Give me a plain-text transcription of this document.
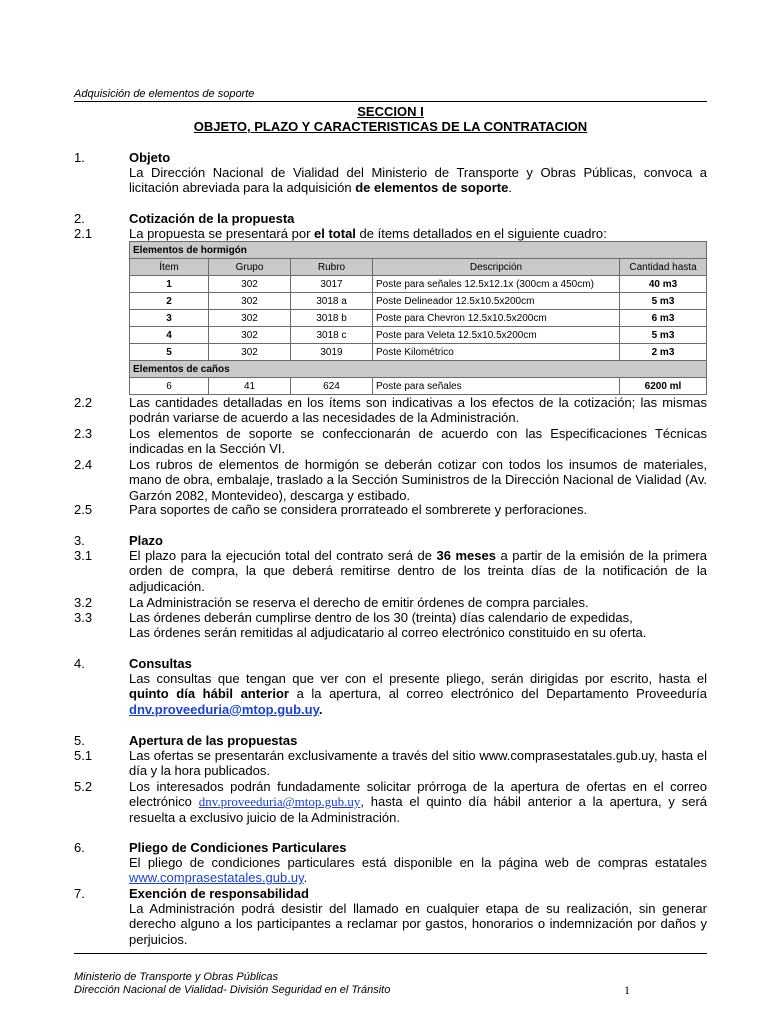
Adquisición de elementos de soporte
SECCION I
OBJETO, PLAZO Y CARACTERISTICAS DE LA CONTRATACION
1.	Objeto
La Dirección Nacional de Vialidad del Ministerio de Transporte y Obras Públicas, convoca a licitación abreviada para la adquisición de elementos de soporte.
2.	Cotización de la propuesta
2.1	La propuesta se presentará por el total de ítems detallados en el siguiente cuadro:
Elementos de hormigón				
Ítem	Grupo	Rubro	Descripción	Cantidad hasta
1	302	3017	Poste para señales 12.5x12.1x (300cm a 450cm)	40 m3
2	302	3018 a	Poste Delineador 12.5x10.5x200cm	5 m3
3	302	3018 b	Poste para Chevron 12.5x10.5x200cm	6 m3
4	302	3018 c	Poste para Veleta 12.5x10.5x200cm	5 m3
5	302	3019	Poste Kilométrico	2 m3
Elementos de caños				
6	41	624	Poste para señales	6200 ml
2.2	Las cantidades detalladas en los ítems son indicativas a los efectos de la cotización; las mismas podrán variarse de acuerdo a las necesidades de la Administración.
2.3	Los elementos de soporte se confeccionarán de acuerdo con las Especificaciones Técnicas indicadas en la Sección VI.
2.4	Los rubros de elementos de hormigón se deberán cotizar con todos los insumos de materiales, mano de obra, embalaje, traslado a la Sección Suministros de la Dirección Nacional de Vialidad (Av. Garzón 2082, Montevideo), descarga y estibado.
2.5	Para soportes de caño se considera prorrateado el sombrerete y perforaciones.
3.	Plazo
3.1	El plazo para la ejecución total del contrato será de 36 meses a partir de la emisión de la primera orden de compra, la que deberá remitirse dentro de los treinta días de la notificación de la adjudicación.
3.2	La Administración se reserva el derecho de emitir órdenes de compra parciales.
3.3	Las órdenes deberán cumplirse dentro de los 30 (treinta) días calendario de expedidas,
Las órdenes serán remitidas al adjudicatario al correo electrónico constituido en su oferta.
4.	Consultas
Las consultas que tengan que ver con el presente pliego, serán dirigidas por escrito, hasta el quinto día hábil anterior a la apertura, al correo electrónico del Departamento Proveeduría dnv.proveeduria@mtop.gub.uy.
5.	Apertura de las propuestas
5.1	Las ofertas se presentarán exclusivamente a través del sitio www.comprasestatales.gub.uy, hasta el día y la hora publicados.
5.2	Los interesados podrán fundadamente solicitar prórroga de la apertura de ofertas en el correo electrónico dnv.proveeduria@mtop.gub.uy, hasta el quinto día hábil anterior a la apertura, y será resuelta a exclusivo juicio de la Administración.
6.	Pliego de Condiciones Particulares
El pliego de condiciones particulares está disponible en la página web de compras estatales www.comprasestatales.gub.uy.
7.	Exención de responsabilidad
La Administración podrá desistir del llamado en cualquier etapa de su realización, sin generar derecho alguno a los participantes a reclamar por gastos, honorarios o indemnización por daños y perjuicios.
Ministerio de Transporte y Obras Públicas
Dirección Nacional de Vialidad- División Seguridad en el Tránsito	1
